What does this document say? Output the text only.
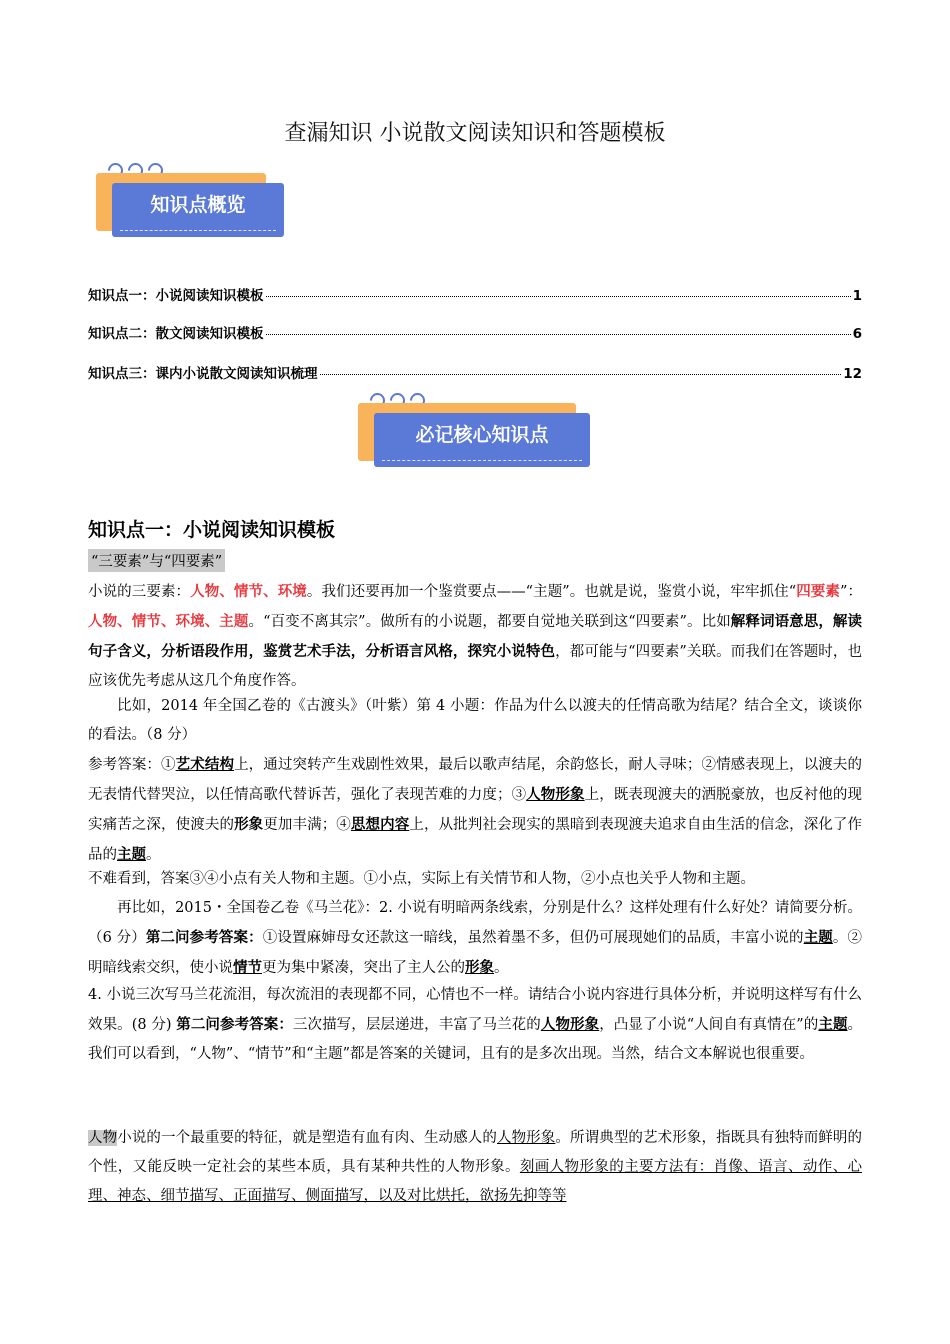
查漏知识 小说散文阅读知识和答题模板
知识点概览
知识点一：小说阅读知识模板	1
知识点二：散文阅读知识模板	6
知识点三：课内小说散文阅读知识梳理	12
必记核心知识点
知识点一：小说阅读知识模板
“三要素”与“四要素”
小说的三要素：人物、情节、环境。我们还要再加一个鉴赏要点——“主题”。也就是说，鉴赏小说，牢牢抓住“四要素”：人物、情节、环境、主题。“百变不离其宗”。做所有的小说题，都要自觉地关联到这“四要素”。比如解释词语意思，解读句子含义，分析语段作用，鉴赏艺术手法，分析语言风格，探究小说特色，都可能与“四要素”关联。而我们在答题时，也应该优先考虑从这几个角度作答。
比如，2014 年全国乙卷的《古渡头》（叶紫）第 4 小题：作品为什么以渡夫的任情高歌为结尾？结合全文，谈谈你的看法。（8 分）
参考答案：①艺术结构上，通过突转产生戏剧性效果，最后以歌声结尾，余韵悠长，耐人寻味；②情感表现上，以渡夫的无表情代替哭泣，以任情高歌代替诉苦，强化了表现苦难的力度；③人物形象上，既表现渡夫的洒脱豪放，也反衬他的现实痛苦之深，使渡夫的形象更加丰满；④思想内容上，从批判社会现实的黑暗到表现渡夫追求自由生活的信念，深化了作品的主题。
不难看到，答案③④小点有关人物和主题。①小点，实际上有关情节和人物，②小点也关乎人物和主题。
再比如，2015・全国卷乙卷《马兰花》：2. 小说有明暗两条线索，分别是什么？这样处理有什么好处？请简要分析。（6 分）第二问参考答案：①设置麻婶母女还款这一暗线，虽然着墨不多，但仍可展现她们的品质，丰富小说的主题。②明暗线索交织，使小说情节更为集中紧凑，突出了主人公的形象。
4. 小说三次写马兰花流泪，每次流泪的表现都不同，心情也不一样。请结合小说内容进行具体分析，并说明这样写有什么效果。(8 分) 第二问参考答案：三次描写，层层递进，丰富了马兰花的人物形象，凸显了小说“人间自有真情在”的主题。我们可以看到，“人物”、“情节”和“主题”都是答案的关键词，且有的是多次出现。当然，结合文本解说也很重要。
人物小说的一个最重要的特征，就是塑造有血有肉、生动感人的人物形象。所谓典型的艺术形象，指既具有独特而鲜明的个性，又能反映一定社会的某些本质，具有某种共性的人物形象。刻画人物形象的主要方法有：肖像、语言、动作、心理、神态、细节描写、正面描写、侧面描写，以及对比烘托，欲扬先抑等等
